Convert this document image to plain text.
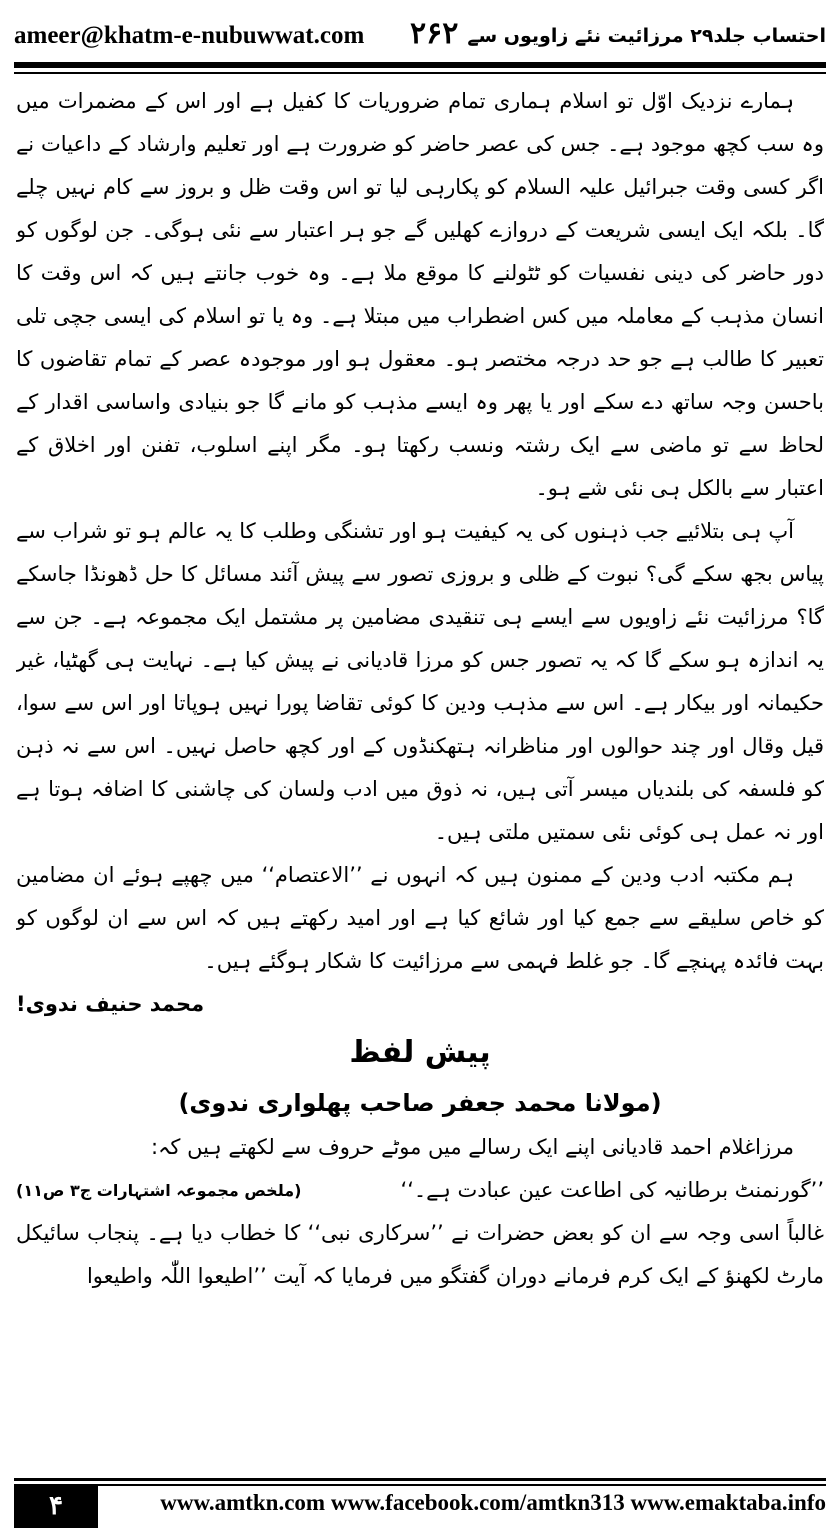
ameer@khatm-e-nubuwwat.com ۲۶۲ احتساب جلد۲۹ مرزائیت نئے زاویوں سے

ہمارے نزدیک اوّل تو اسلام ہماری تمام ضروریات کا کفیل ہے اور اس کے مضمرات میں وہ سب کچھ موجود ہے۔ جس کی عصر حاضر کو ضرورت ہے اور تعلیم وارشاد کے داعیات نے اگر کسی وقت جبرائیل علیہ السلام کو پکارہی لیا تو اس وقت ظل و بروز سے کام نہیں چلے گا۔ بلکہ ایک ایسی شریعت کے دروازے کھلیں گے جو ہر اعتبار سے نئی ہوگی۔ جن لوگوں کو دور حاضر کی دینی نفسیات کو ٹٹولنے کا موقع ملا ہے۔ وہ خوب جانتے ہیں کہ اس وقت کا انسان مذہب کے معاملہ میں کس اضطراب میں مبتلا ہے۔ وہ یا تو اسلام کی ایسی جچی تلی تعبیر کا طالب ہے جو حد درجہ مختصر ہو۔ معقول ہو اور موجودہ عصر کے تمام تقاضوں کا باحسن وجہ ساتھ دے سکے اور یا پھر وہ ایسے مذہب کو مانے گا جو بنیادی واساسی اقدار کے لحاظ سے تو ماضی سے ایک رشتہ ونسب رکھتا ہو۔ مگر اپنے اسلوب، تفنن اور اخلاق کے اعتبار سے بالکل ہی نئی شے ہو۔

آپ ہی بتلائیے جب ذہنوں کی یہ کیفیت ہو اور تشنگی وطلب کا یہ عالم ہو تو شراب سے پیاس بجھ سکے گی؟ نبوت کے ظلی و بروزی تصور سے پیش آئند مسائل کا حل ڈھونڈا جاسکے گا؟ مرزائیت نئے زاویوں سے ایسے ہی تنقیدی مضامین پر مشتمل ایک مجموعہ ہے۔ جن سے یہ اندازہ ہو سکے گا کہ یہ تصور جس کو مرزا قادیانی نے پیش کیا ہے۔ نہایت ہی گھٹیا، غیر حکیمانہ اور بیکار ہے۔ اس سے مذہب ودین کا کوئی تقاضا پورا نہیں ہوپاتا اور اس سے سوا، قیل وقال اور چند حوالوں اور مناظرانہ ہتھکنڈوں کے اور کچھ حاصل نہیں۔ اس سے نہ ذہن کو فلسفہ کی بلندیاں میسر آتی ہیں، نہ ذوق میں ادب ولسان کی چاشنی کا اضافہ ہوتا ہے اور نہ عمل ہی کوئی نئی سمتیں ملتی ہیں۔

ہم مکتبہ ادب ودین کے ممنون ہیں کہ انہوں نے ’’الاعتصام‘‘ میں چھپے ہوئے ان مضامین کو خاص سلیقے سے جمع کیا اور شائع کیا ہے اور امید رکھتے ہیں کہ اس سے ان لوگوں کو بہت فائدہ پہنچے گا۔ جو غلط فہمی سے مرزائیت کا شکار ہوگئے ہیں۔

محمد حنیف ندوی!

پیش لفظ

(مولانا محمد جعفر صاحب پھلواری ندوی)

مرزاغلام احمد قادیانی اپنے ایک رسالے میں موٹے حروف سے لکھتے ہیں کہ:

’’گورنمنٹ برطانیہ کی اطاعت عین عبادت ہے۔‘‘
(ملخص مجموعہ اشتہارات ج۳ ص۱۱)

غالباً اسی وجہ سے ان کو بعض حضرات نے ’’سرکاری نبی‘‘ کا خطاب دیا ہے۔ پنجاب سائیکل مارٹ لکھنؤ کے ایک کرم فرمانے دوران گفتگو میں فرمایا کہ آیت ’’اطیعوا اللّٰہ واطیعوا

۴	www.amtkn.com www.facebook.com/amtkn313 www.emaktaba.info
